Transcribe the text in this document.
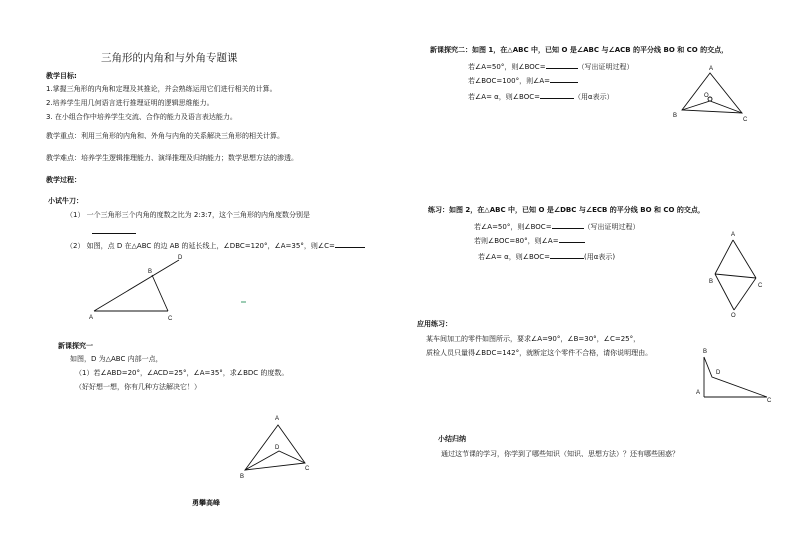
三角形的内角和与外角专题课
教学目标:
1.掌握三角形的内角和定理及其推论，并会熟练运用它们进行相关的计算。
2.培养学生用几何语言进行推理证明的逻辑思维能力。
3. 在小组合作中培养学生交流、合作的能力及语言表达能力。
教学重点：利用三角形的内角和、外角与内角的关系解决三角形的相关计算。
教学难点：培养学生逻辑推理能力、演绎推理及归纳能力；数学思想方法的渗透。
教学过程：
小试牛刀：
（1） 一个三角形三个内角的度数之比为 2:3:7，这个三角形的内角度数分别是
（2） 如图，点 D 在△ABC 的边 AB 的延长线上，∠DBC=120°，∠A=35°，则∠C=
新课探究一
如图，D 为△ABC 内部一点，
（1）若∠ABD=20°，∠ACD=25°，∠A=35°，求∠BDC 的度数。
（好好想一想，你有几种方法解决它！）
勇攀高峰
新课探究二：如图 1，在△ABC 中，已知 O 是∠ABC 与∠ACB 的平分线 BO 和 CO 的交点，
若∠A=50°，则∠BOC=	（写出证明过程）
若∠BOC=100°，则∠A=
若∠A= α，则∠BOC=	（用α表示）
练习：如图 2，在△ABC 中，已知 O 是∠DBC 与∠ECB 的平分线 BO 和 CO 的交点，
若∠A=50°，则∠BOC=	（写出证明过程）
若则∠BOC=80°，则∠A=
若∠A= α，则∠BOC=	(用α表示)
应用练习：
某车间加工的零件如图所示，要求∠A=90°，∠B=30°，∠C=25°，
质检人员只量得∠BDC=142°，就断定这个零件不合格，请你说明理由。
小结归纳
通过这节课的学习，你学到了哪些知识（知识、思想方法）？还有哪些困惑？
A
B
C
D
A
B
C
D
A
B
C
O
A
B
C
O
B
A
C
D
